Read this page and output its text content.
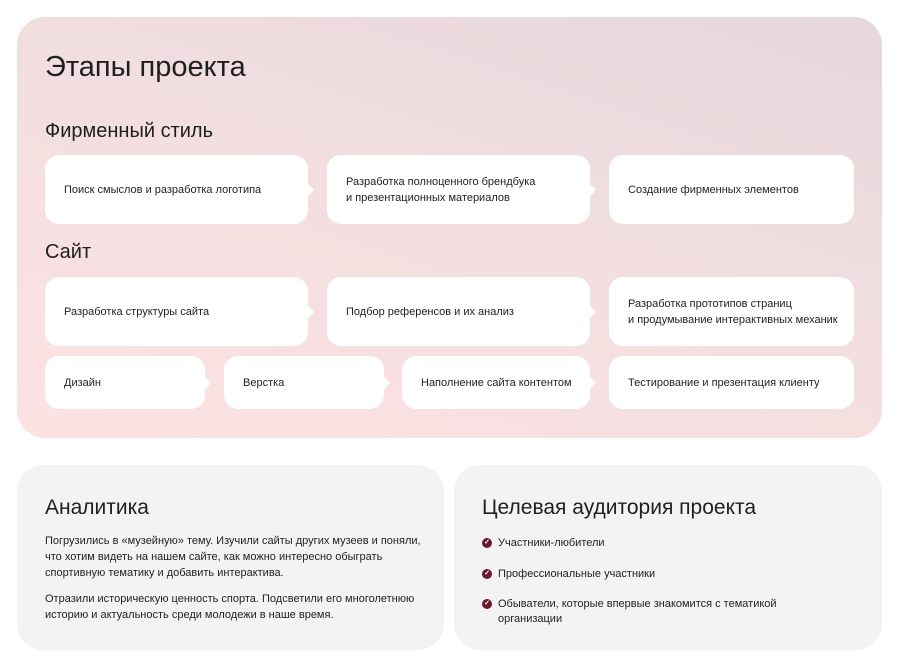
Этапы проекта
Фирменный стиль
Поиск смыслов и разработка логотипа
Разработка полноценного брендбука
и презентационных материалов
Создание фирменных элементов
Сайт
Разработка структуры сайта	Подбор референсов и их анализ
Разработка прототипов страниц
и продумывание интерактивных механик
Дизайн	Верстка	Наполнение сайта контентом	Тестирование и презентация клиенту
Аналитика
Погрузились в «музейную» тему. Изучили сайты других музеев и поняли, что хотим видеть на нашем сайте, как можно интересно обыграть спортивную тематику и добавить интерактива.
Отразили историческую ценность спорта. Подсветили его многолетнюю историю и актуальность среди молодежи в наше время.
Целевая аудитория проекта
✓ Участники-любители
✓ Профессиональные участники
✓ Обыватели, которые впервые знакомится с тематикой
организации
